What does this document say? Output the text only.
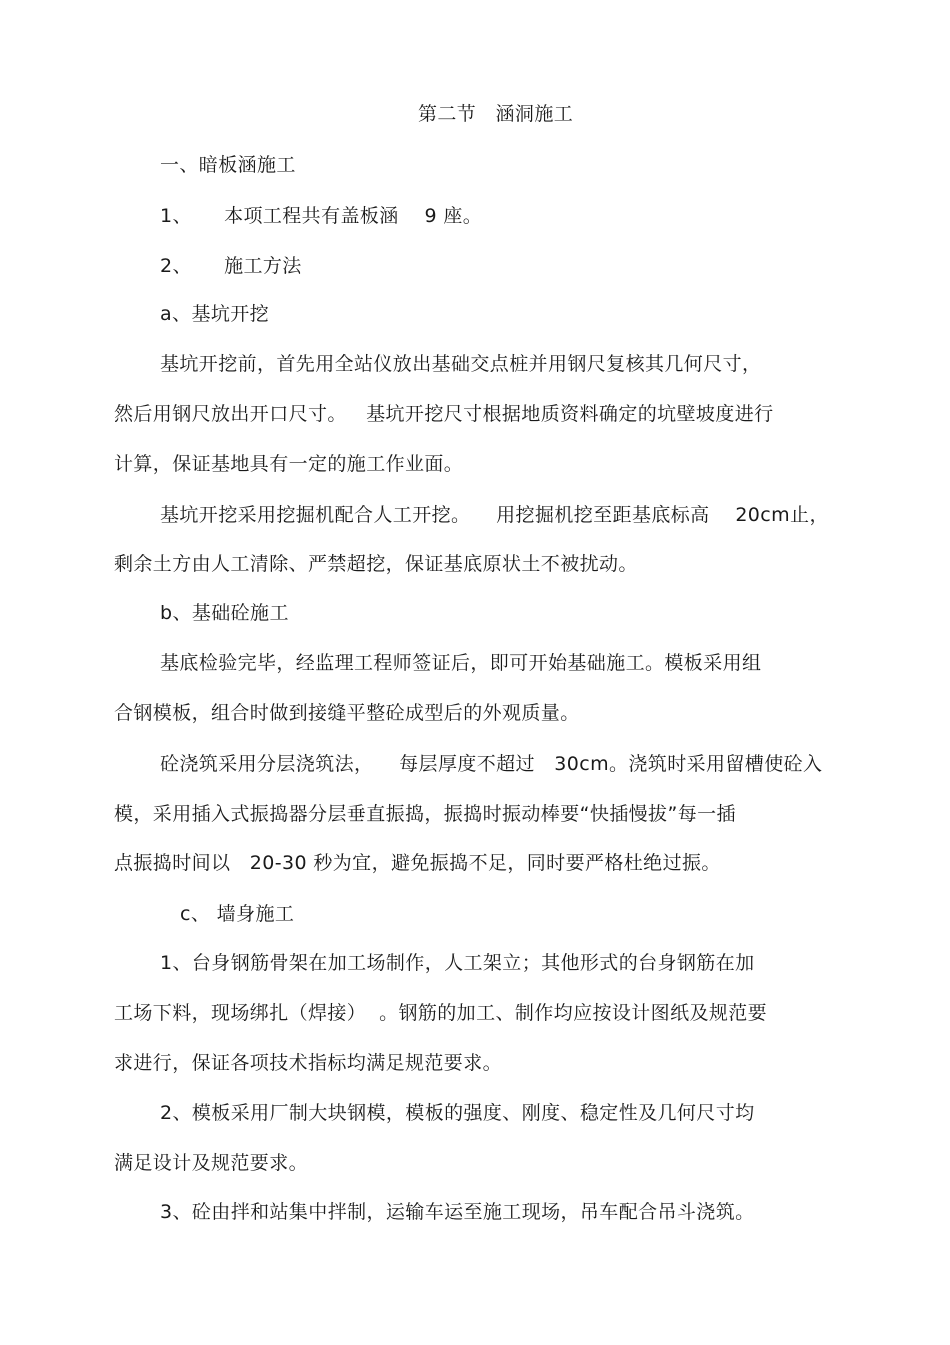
第二节   涵洞施工
一、暗板涵施工
1、     本项工程共有盖板涵    9 座。
2、     施工方法
a、基坑开挖
基坑开挖前，首先用全站仪放出基础交点桩并用钢尺复核其几何尺寸，
然后用钢尺放出开口尺寸。   基坑开挖尺寸根据地质资料确定的坑壁坡度进行
计算，保证基地具有一定的施工作业面。
基坑开挖采用挖掘机配合人工开挖。    用挖掘机挖至距基底标高    20cm止，
剩余土方由人工清除、严禁超挖，保证基底原状土不被扰动。
b、基础砼施工
基底检验完毕，经监理工程师签证后，即可开始基础施工。模板采用组
合钢模板，组合时做到接缝平整砼成型后的外观质量。
砼浇筑采用分层浇筑法，    每层厚度不超过   30cm。浇筑时采用留槽使砼入
模，采用插入式振捣器分层垂直振捣，振捣时振动棒要“快插慢拔”每一插
点振捣时间以   20-30 秒为宜，避免振捣不足，同时要严格杜绝过振。
c、 墙身施工
1、台身钢筋骨架在加工场制作，人工架立；其他形式的台身钢筋在加
工场下料，现场绑扎（焊接）  。钢筋的加工、制作均应按设计图纸及规范要
求进行，保证各项技术指标均满足规范要求。
2、模板采用厂制大块钢模，模板的强度、刚度、稳定性及几何尺寸均
满足设计及规范要求。
3、砼由拌和站集中拌制，运输车运至施工现场，吊车配合吊斗浇筑。
